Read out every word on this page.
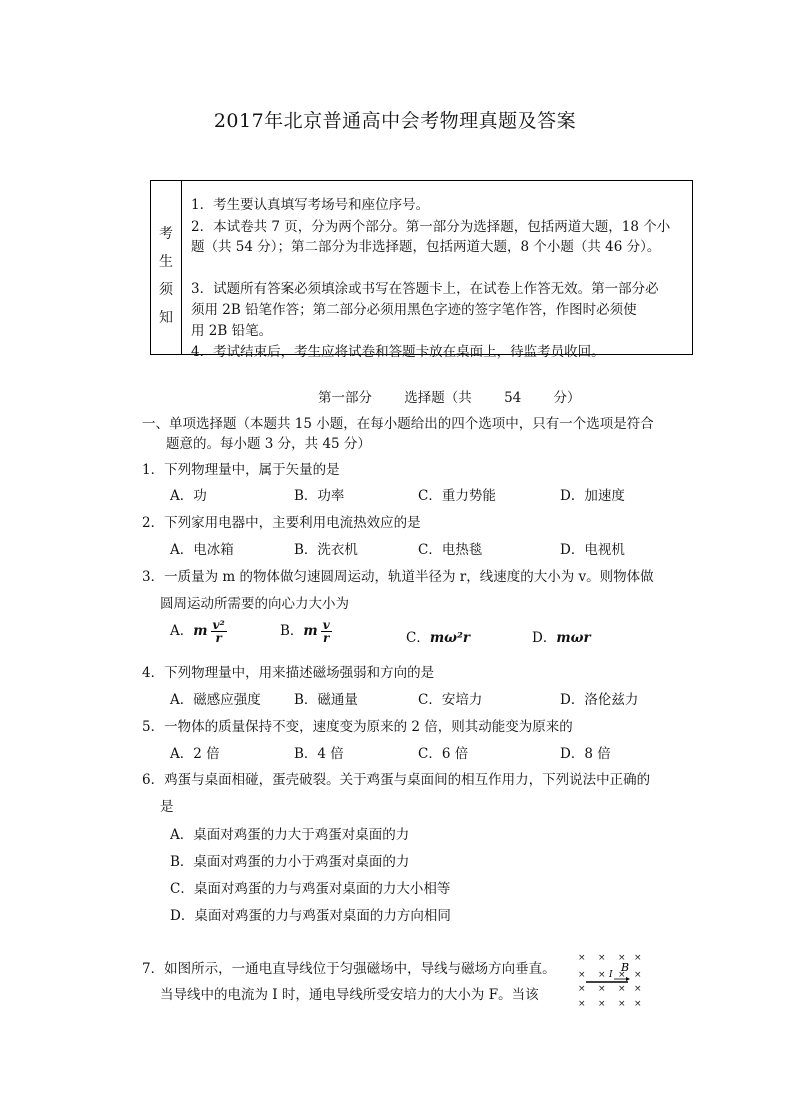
2017年北京普通高中会考物理真题及答案
考
生
须
知
1．考生要认真填写考场号和座位序号。
2．本试卷共 7 页，分为两个部分。第一部分为选择题，包括两道大题，18 个小
题（共 54 分）；第二部分为非选择题，包括两道大题，8 个小题（共 46 分）。
3．试题所有答案必须填涂或书写在答题卡上，在试卷上作答无效。第一部分必
须用 2B 铅笔作答；第二部分必须用黑色字迹的签字笔作答，作图时必须使
用 2B 铅笔。
4．考试结束后，考生应将试卷和答题卡放在桌面上，待监考员收回。
第一部分 选择题（共 54 分）
一、单项选择题（本题共 15 小题，在每小题给出的四个选项中，只有一个选项是符合
题意的。每小题 3 分，共 45 分）
1．下列物理量中，属于矢量的是
A．功	B．功率	C．重力势能	D．加速度
2．下列家用电器中，主要利用电流热效应的是
A．电冰箱	B．洗衣机	C．电热毯	D．电视机
3．一质量为 m 的物体做匀速圆周运动，轨道半径为 r，线速度的大小为 v。则物体做
圆周运动所需要的向心力大小为
A．m $\frac{\text{v²}}{r}$	B．m $\frac{v}{r}$	C．mω²r	D．mωr
4．下列物理量中，用来描述磁场强弱和方向的是
A．磁感应强度 B．磁通量	C．安培力	D．洛伦兹力
5．一物体的质量保持不变，速度变为原来的 2 倍，则其动能变为原来的
A．2 倍	B．4 倍	C．6 倍	D．8 倍
6．鸡蛋与桌面相碰，蛋壳破裂。关于鸡蛋与桌面间的相互作用力，下列说法中正确的
是
A．桌面对鸡蛋的力大于鸡蛋对桌面的力
B．桌面对鸡蛋的力小于鸡蛋对桌面的力
C．桌面对鸡蛋的力与鸡蛋对桌面的力大小相等
D．桌面对鸡蛋的力与鸡蛋对桌面的力方向相同
7．如图所示，一通电直导线位于匀强磁场中，导线与磁场方向垂直。
当导线中的电流为 I 时，通电导线所受安培力的大小为 F。当该
× × × ×
× × × ×
× × × ×
× × × ×
B
I
